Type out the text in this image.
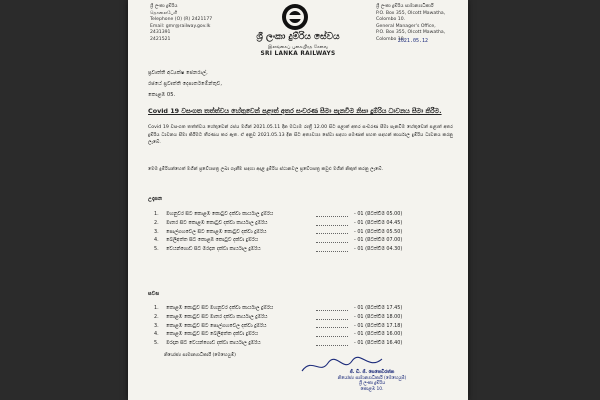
ශ්‍රී ලංකා දුම්රිය
தொலைபேசி
Telephone (O) (R) 2421177
Email: gmr@railway.gov.lk
2431391
2421521
ශ්‍රී ලංකා දුම්රිය සාමාන්‍යාධිකාරී
P.O. Box 355, Olcott Mawatha,
Colombo 10.
General Manager's Office,
P.O. Box 355, Olcott Mawatha,
Colombo 10.
ශ්‍රී ලංකා දුම්රිය සේවය
இலங்கைப் புகையிரத சேவை
SRI LANKA RAILWAYS
2021.05.12
ප්‍රවෘත්ති අධ්‍යක්ෂ ජෙනරාල්,
රජයේ ප්‍රවෘත්ති දෙපාර්තමේන්තුව,
කොළඹ 05.
Covid 19 වසංගත තත්ත්වය හේතුවෙන් පළාත් අතර සංචරණ සීමා පැනවීම නිසා දුම්රිය ධාවනය සීමා කිරීම.
Covid 19 වසංගත තත්ත්වය හේතුවෙන් රජය මගින් 2021.05.11 දින මධ්‍යම රාත්‍රී 12.00 සිට පළාත් අතර සංචරණ සීමා පැනවීම හේතුවෙන් පළාත් අතර දුම්රිය ධාවනය සීමා කිරීමට තීරණය කර ඇත. ඒ අනුව 2021.05.13 දින සිට අත්‍යවශ්‍ය සේවා සඳහා පමණක් පහත සඳහන් කාර්යාල දුම්රිය ධාවනය කරනු ලැබේ.
මෙම දුම්රියන්හෙත් මගීන් ප්‍රවේශපත්‍ර ලබා ගැනීම සඳහා අදාළ දුම්රිය ස්ථානවල ප්‍රවේශපත්‍ර කවුළු මගින් නිකුත් කරනු ලැබේ.
උදෑසන
1.	මහනුවර සිට කොළඹ කොටුව දක්වා කාර්යාල දුම්රිය	- 01 (පිටත්වීම 05.00)
2.	මාතර සිට කොළඹ කොටුව දක්වා කාර්යාල දුම්රිය	- 01 (පිටත්වීම 04.45)
3.	පොල්ගහවෙල සිට කොළඹ කොටුව දක්වා දුම්රිය	- 01 (පිටත්වීම 05.50)
4.	බෙලිඅත්ත සිට කොළඹ කොටුව දක්වා දුම්රිය	- 01 (පිටත්වීම 07.00)
5.	වේයන්ගොඩ සිට මරදාන දක්වා කාර්යාල දුම්රිය	- 01 (පිටත්වීම 04.30)
සවස
1.	කොළඹ කොටුව සිට මහනුවර දක්වා කාර්යාල දුම්රිය	- 01 (පිටත්වීම 17.45)
2.	කොළඹ කොටුව සිට මාතර දක්වා කාර්යාල දුම්රිය	- 01 (පිටත්වීම 18.00)
3.	කොළඹ කොටුව සිට පොල්ගහවෙල දක්වා දුම්රිය	- 01 (පිටත්වීම 17.18)
4.	කොළඹ කොටුව සිට බෙලිඅත්ත දක්වා දුම්රිය	- 01 (පිටත්වීම 16.00)
5.	මරදාන සිට වේයන්ගොඩ දක්වා කාර්යාල දුම්රිය	- 01 (පිටත්වීම 16.40)
නියෝජ්‍ය සාමාන්‍යාධිකාරී (මෙහෙයුම්)
ජී. ඩී. ජී. සෙනෙවිරත්න
නියෝජ්‍ය සාමාන්‍යාධිකාරී (මෙහෙයුම්)
ශ්‍රී ලංකා දුම්රිය
කොළඹ 10.
